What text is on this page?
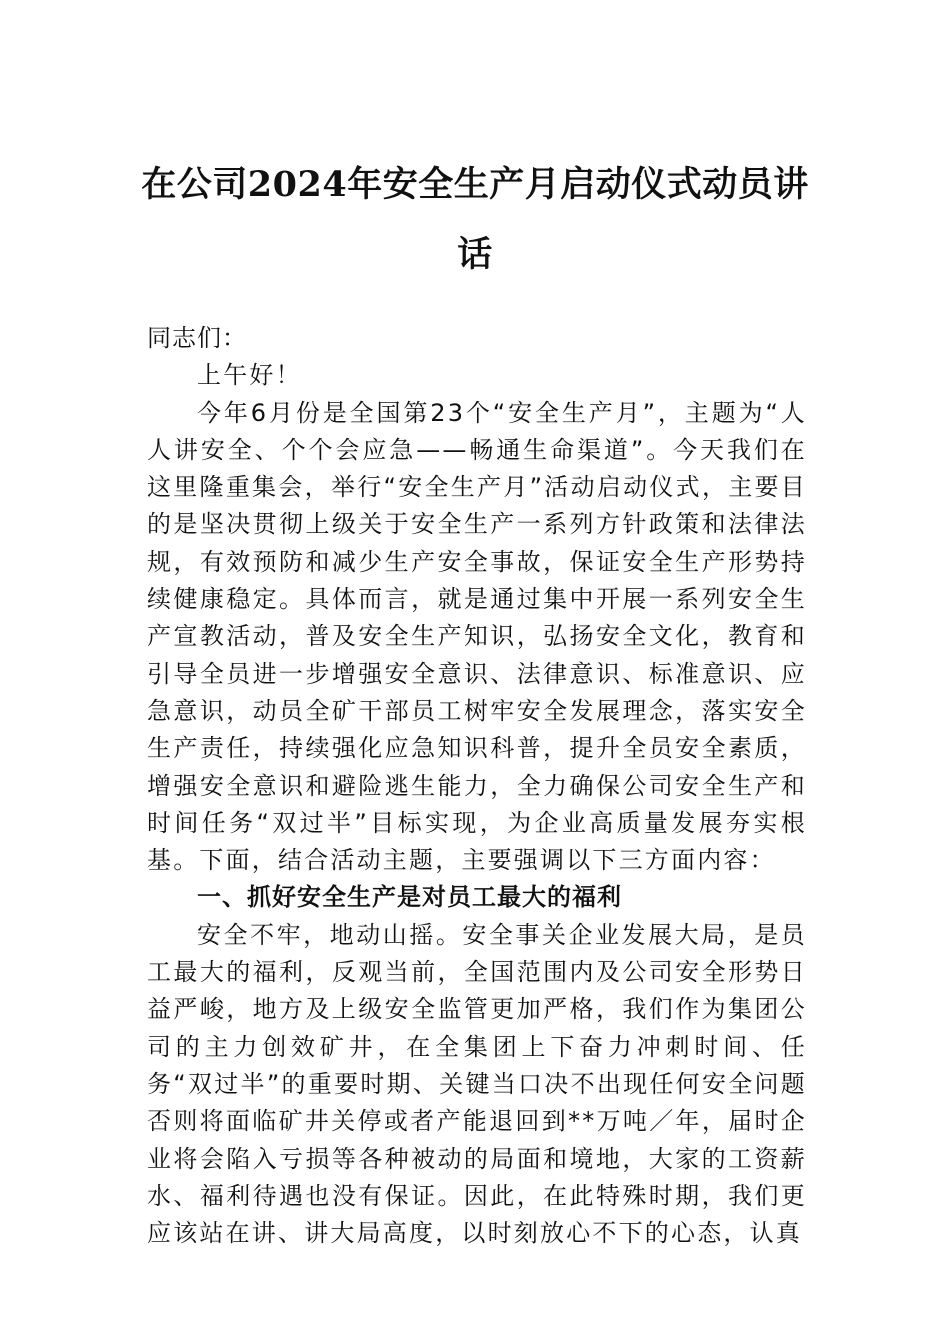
在公司2024年安全生产月启动仪式动员讲话

同志们：

上午好！

今年6月份是全国第23个“安全生产月”，主题为“人人讲安全、个个会应急——畅通生命渠道”。今天我们在这里隆重集会，举行“安全生产月”活动启动仪式，主要目的是坚决贯彻上级关于安全生产一系列方针政策和法律法规，有效预防和减少生产安全事故，保证安全生产形势持续健康稳定。具体而言，就是通过集中开展一系列安全生产宣教活动，普及安全生产知识，弘扬安全文化，教育和引导全员进一步增强安全意识、法律意识、标准意识、应急意识，动员全矿干部员工树牢安全发展理念，落实安全生产责任，持续强化应急知识科普，提升全员安全素质，增强安全意识和避险逃生能力，全力确保公司安全生产和时间任务“双过半”目标实现，为企业高质量发展夯实根基。下面，结合活动主题，主要强调以下三方面内容：

一、抓好安全生产是对员工最大的福利

安全不牢，地动山摇。安全事关企业发展大局，是员工最大的福利，反观当前，全国范围内及公司安全形势日益严峻，地方及上级安全监管更加严格，我们作为集团公司的主力创效矿井，在全集团上下奋力冲刺时间、任务“双过半”的重要时期、关键当口决不出现任何安全问题否则将面临矿井关停或者产能退回到**万吨／年，届时企业将会陷入亏损等各种被动的局面和境地，大家的工资薪水、福利待遇也没有保证。因此，在此特殊时期，我们更应该站在讲、讲大局高度，以时刻放心不下的心态，认真
